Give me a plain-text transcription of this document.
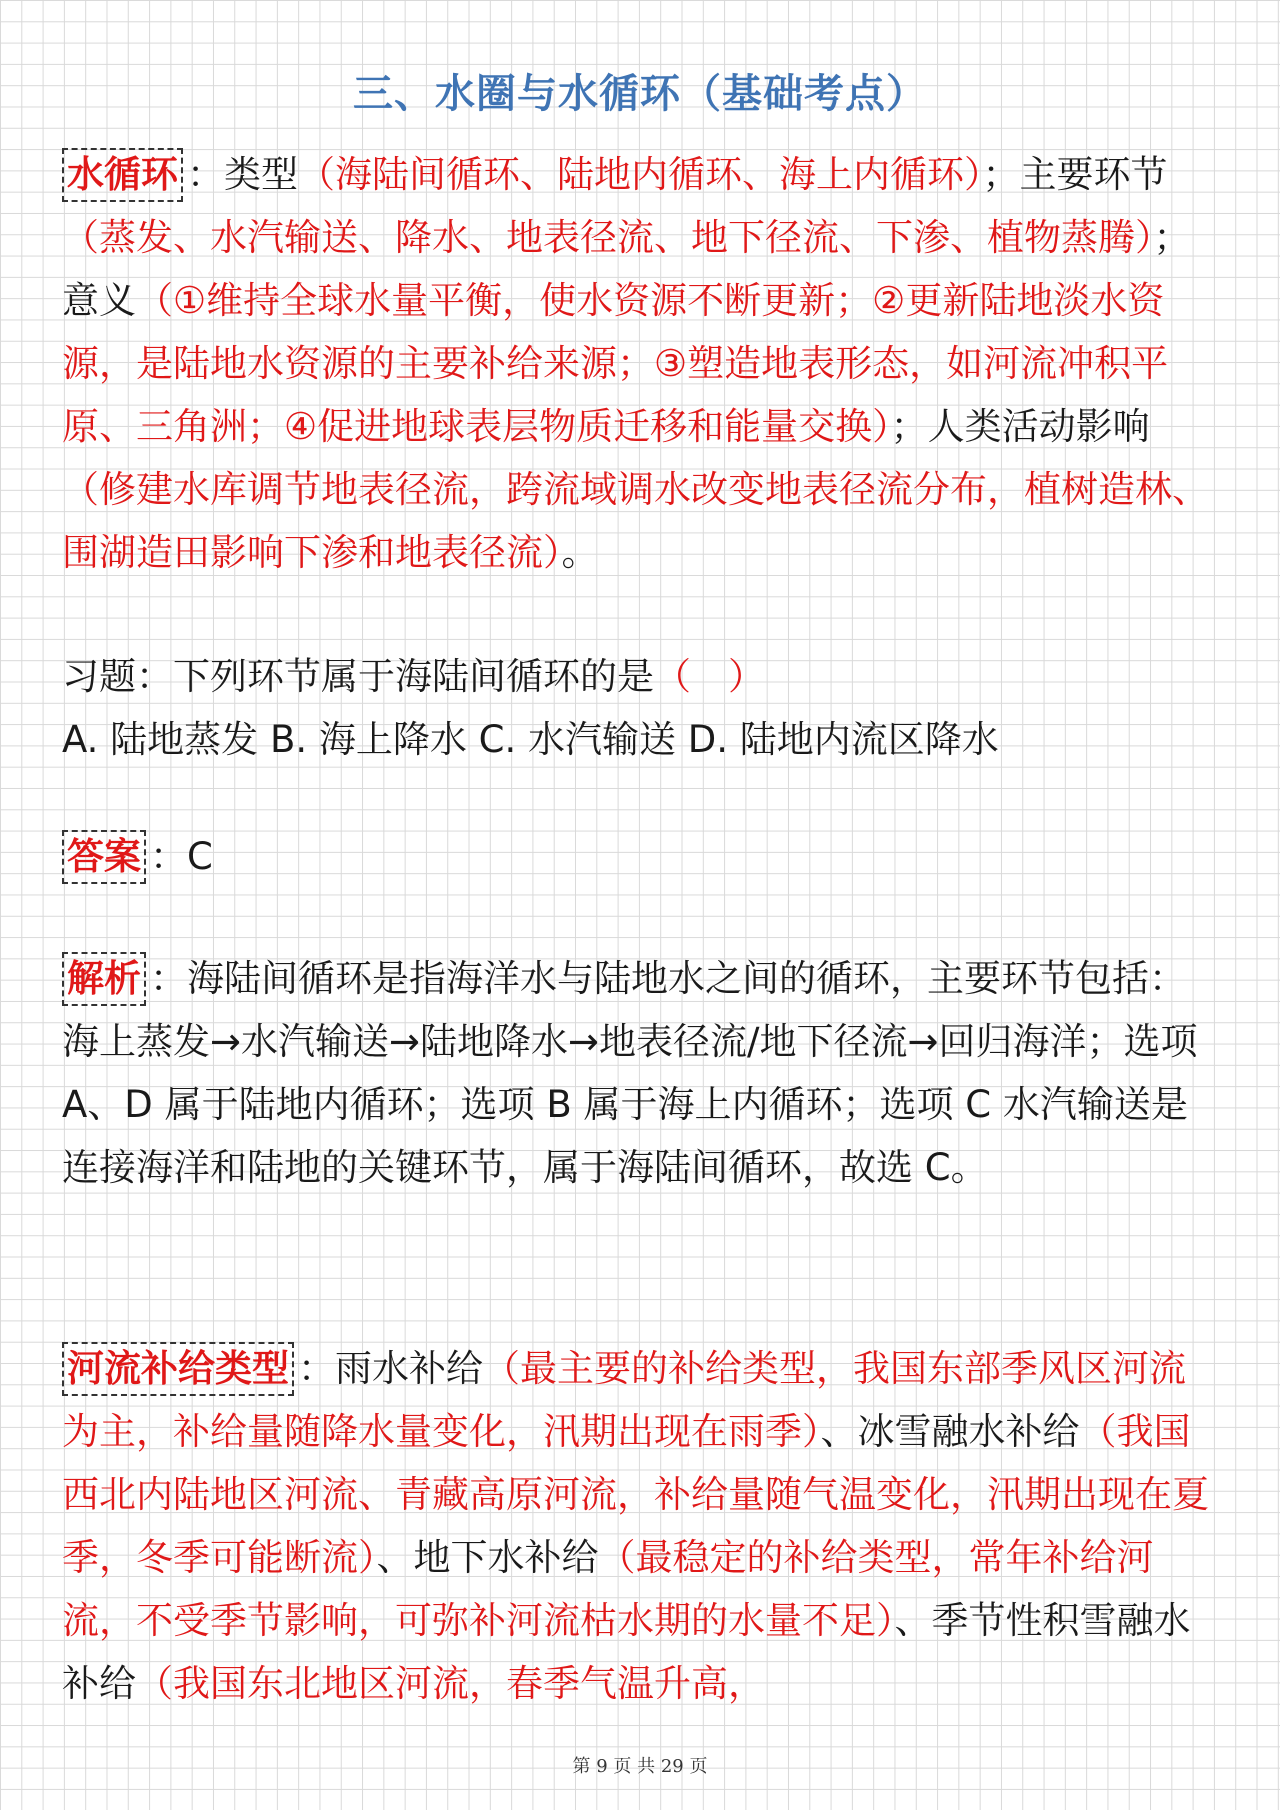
三、水圈与水循环（基础考点）
水循环 ：类型（海陆间循环、陆地内循环、海上内循环）；主要环节（蒸发、水汽输送、降水、地表径流、地下径流、下渗、植物蒸腾）；意义（①维持全球水量平衡，使水资源不断更新；②更新陆地淡水资源，是陆地水资源的主要补给来源；③塑造地表形态，如河流冲积平原、三角洲；④促进地球表层物质迁移和能量交换）；人类活动影响（修建水库调节地表径流，跨流域调水改变地表径流分布，植树造林、围湖造田影响下渗和地表径流）。
习题：下列环节属于海陆间循环的是（　）
A. 陆地蒸发 B. 海上降水 C. 水汽输送 D. 陆地内流区降水
答案 ：C
解析 ：海陆间循环是指海洋水与陆地水之间的循环，主要环节包括：海上蒸发→水汽输送→陆地降水→地表径流/地下径流→回归海洋；选项 A、D 属于陆地内循环；选项 B 属于海上内循环；选项 C 水汽输送是连接海洋和陆地的关键环节，属于海陆间循环，故选 C。
河流补给类型 ：雨水补给（最主要的补给类型，我国东部季风区河流为主，补给量随降水量变化，汛期出现在雨季）、冰雪融水补给（我国西北内陆地区河流、青藏高原河流，补给量随气温变化，汛期出现在夏季，冬季可能断流）、地下水补给（最稳定的补给类型，常年补给河流，不受季节影响，可弥补河流枯水期的水量不足）、季节性积雪融水补给（我国东北地区河流，春季气温升高，
第 9 页 共 29 页
